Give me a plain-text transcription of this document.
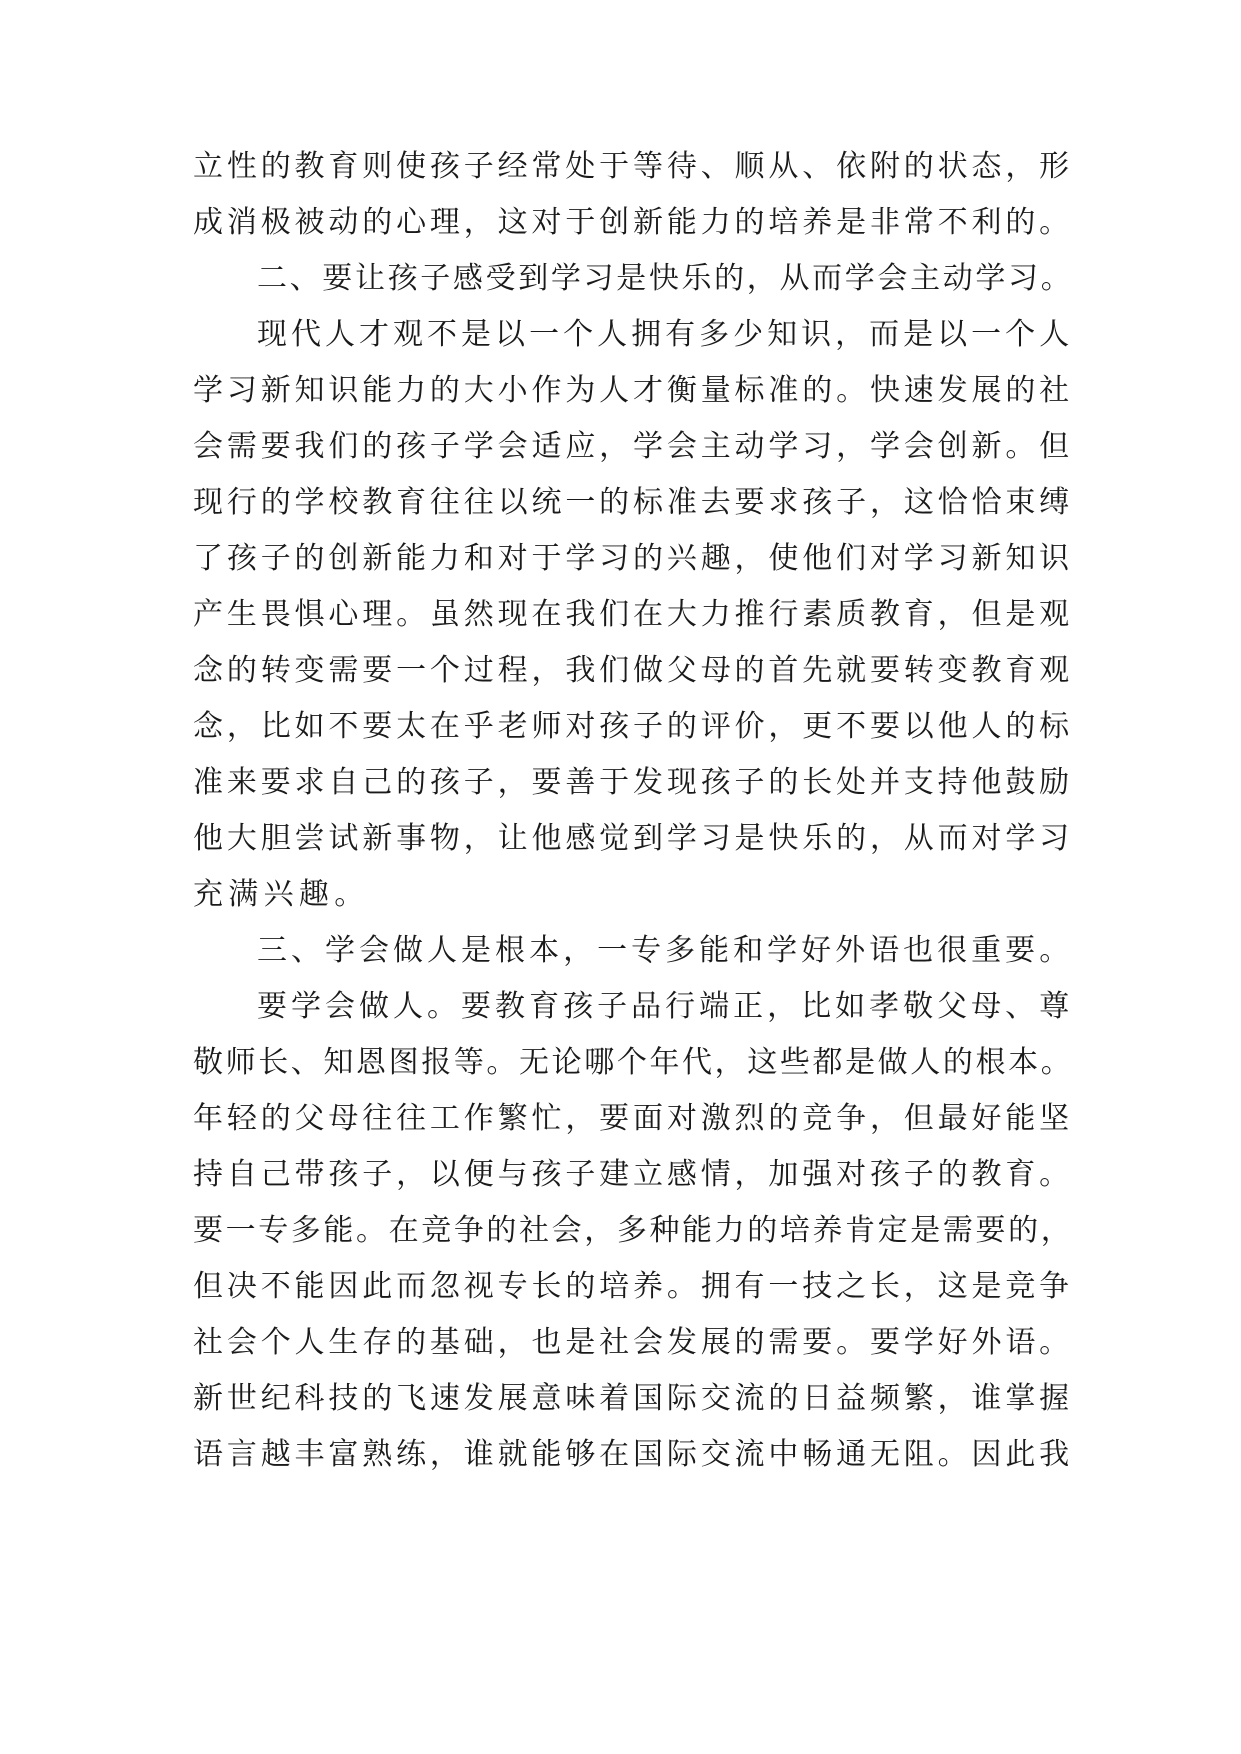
立性的教育则使孩子经常处于等待、顺从、依附的状态，形
成消极被动的心理，这对于创新能力的培养是非常不利的。
二、要让孩子感受到学习是快乐的，从而学会主动学习。
现代人才观不是以一个人拥有多少知识，而是以一个人
学习新知识能力的大小作为人才衡量标准的。快速发展的社
会需要我们的孩子学会适应，学会主动学习，学会创新。但
现行的学校教育往往以统一的标准去要求孩子，这恰恰束缚
了孩子的创新能力和对于学习的兴趣，使他们对学习新知识
产生畏惧心理。虽然现在我们在大力推行素质教育，但是观
念的转变需要一个过程，我们做父母的首先就要转变教育观
念，比如不要太在乎老师对孩子的评价，更不要以他人的标
准来要求自己的孩子，要善于发现孩子的长处并支持他鼓励
他大胆尝试新事物，让他感觉到学习是快乐的，从而对学习
充满兴趣。
三、学会做人是根本，一专多能和学好外语也很重要。
要学会做人。要教育孩子品行端正，比如孝敬父母、尊
敬师长、知恩图报等。无论哪个年代，这些都是做人的根本。
年轻的父母往往工作繁忙，要面对激烈的竞争，但最好能坚
持自己带孩子，以便与孩子建立感情，加强对孩子的教育。
要一专多能。在竞争的社会，多种能力的培养肯定是需要的，
但决不能因此而忽视专长的培养。拥有一技之长，这是竞争
社会个人生存的基础，也是社会发展的需要。要学好外语。
新世纪科技的飞速发展意味着国际交流的日益频繁，谁掌握
语言越丰富熟练，谁就能够在国际交流中畅通无阻。因此我
